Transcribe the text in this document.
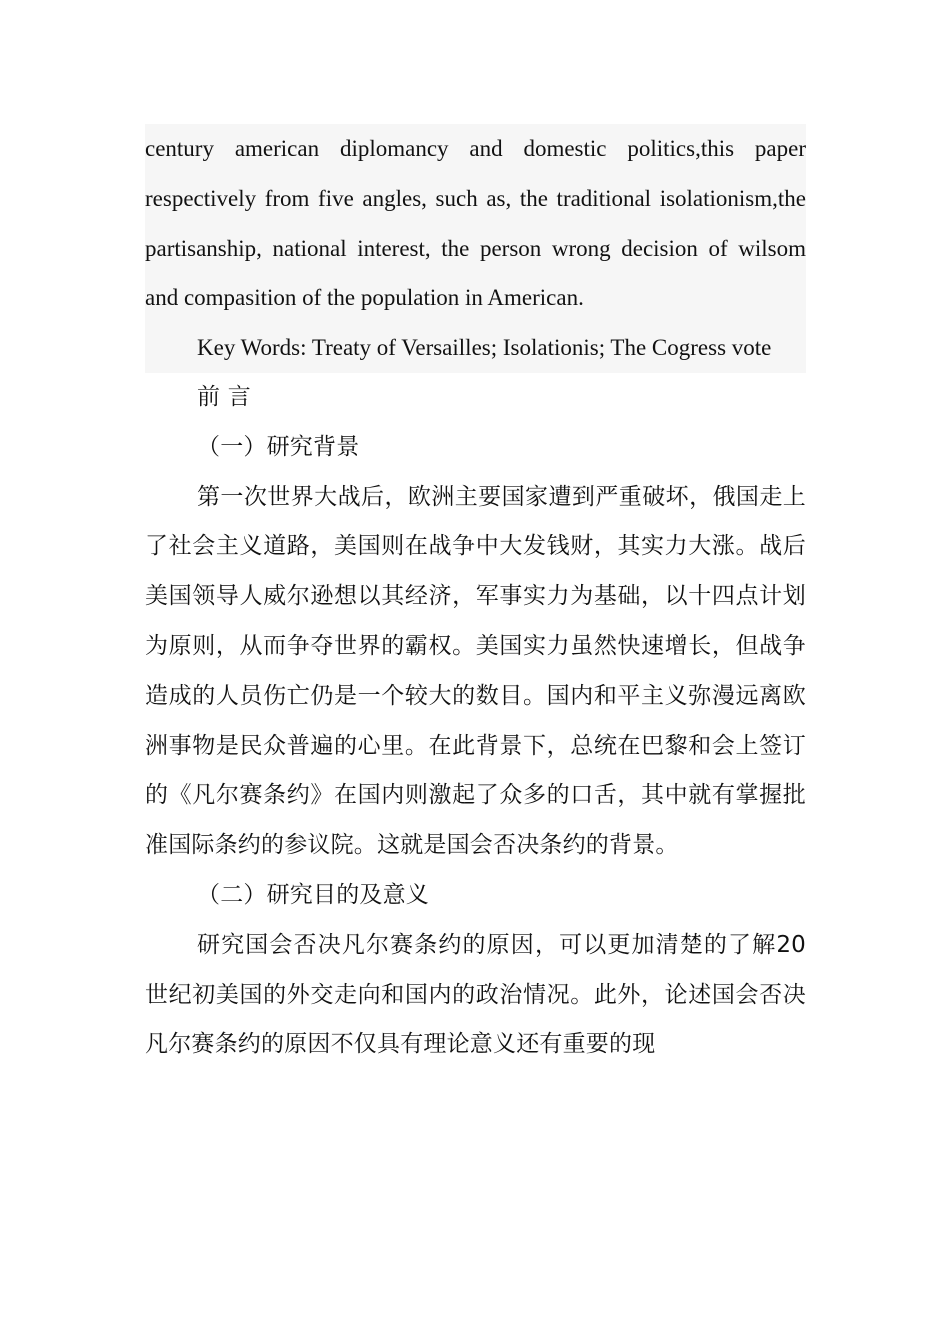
century american diplomancy and domestic politics,this paper respectively from five angles, such as, the traditional isolationism,the partisanship, national interest, the person wrong decision of wilsom and compasition of the population in American.

Key Words: Treaty of Versailles; Isolationis; The Cogress vote

前 言

（一）研究背景

第一次世界大战后，欧洲主要国家遭到严重破坏，俄国走上了社会主义道路，美国则在战争中大发钱财，其实力大涨。战后美国领导人威尔逊想以其经济，军事实力为基础，以十四点计划为原则，从而争夺世界的霸权。美国实力虽然快速增长，但战争造成的人员伤亡仍是一个较大的数目。国内和平主义弥漫远离欧洲事物是民众普遍的心里。在此背景下，总统在巴黎和会上签订的《凡尔赛条约》在国内则激起了众多的口舌，其中就有掌握批准国际条约的参议院。这就是国会否决条约的背景。

（二）研究目的及意义

研究国会否决凡尔赛条约的原因，可以更加清楚的了解20世纪初美国的外交走向和国内的政治情况。此外，论述国会否决凡尔赛条约的原因不仅具有理论意义还有重要的现
